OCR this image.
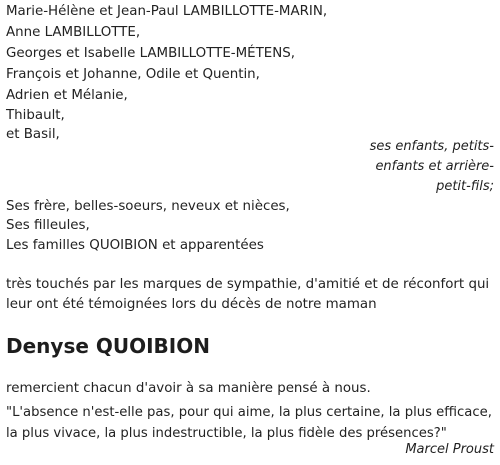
Marie-Hélène et Jean-Paul LAMBILLOTTE-MARIN,
Anne LAMBILLOTTE,
Georges et Isabelle LAMBILLOTTE-MÉTENS,
François et Johanne, Odile et Quentin,
Adrien et Mélanie,
Thibault,
et Basil,
ses enfants, petits-
enfants et arrière-
petit-fils;
Ses frère, belles-soeurs, neveux et nièces,
Ses filleules,
Les familles QUOIBION et apparentées
très touchés par les marques de sympathie, d'amitié et de réconfort qui
leur ont été témoignées lors du décès de notre maman
Denyse QUOIBION
remercient chacun d'avoir à sa manière pensé à nous.
"L'absence n'est-elle pas, pour qui aime, la plus certaine, la plus efficace,
la plus vivace, la plus indestructible, la plus fidèle des présences?"
Marcel Proust
